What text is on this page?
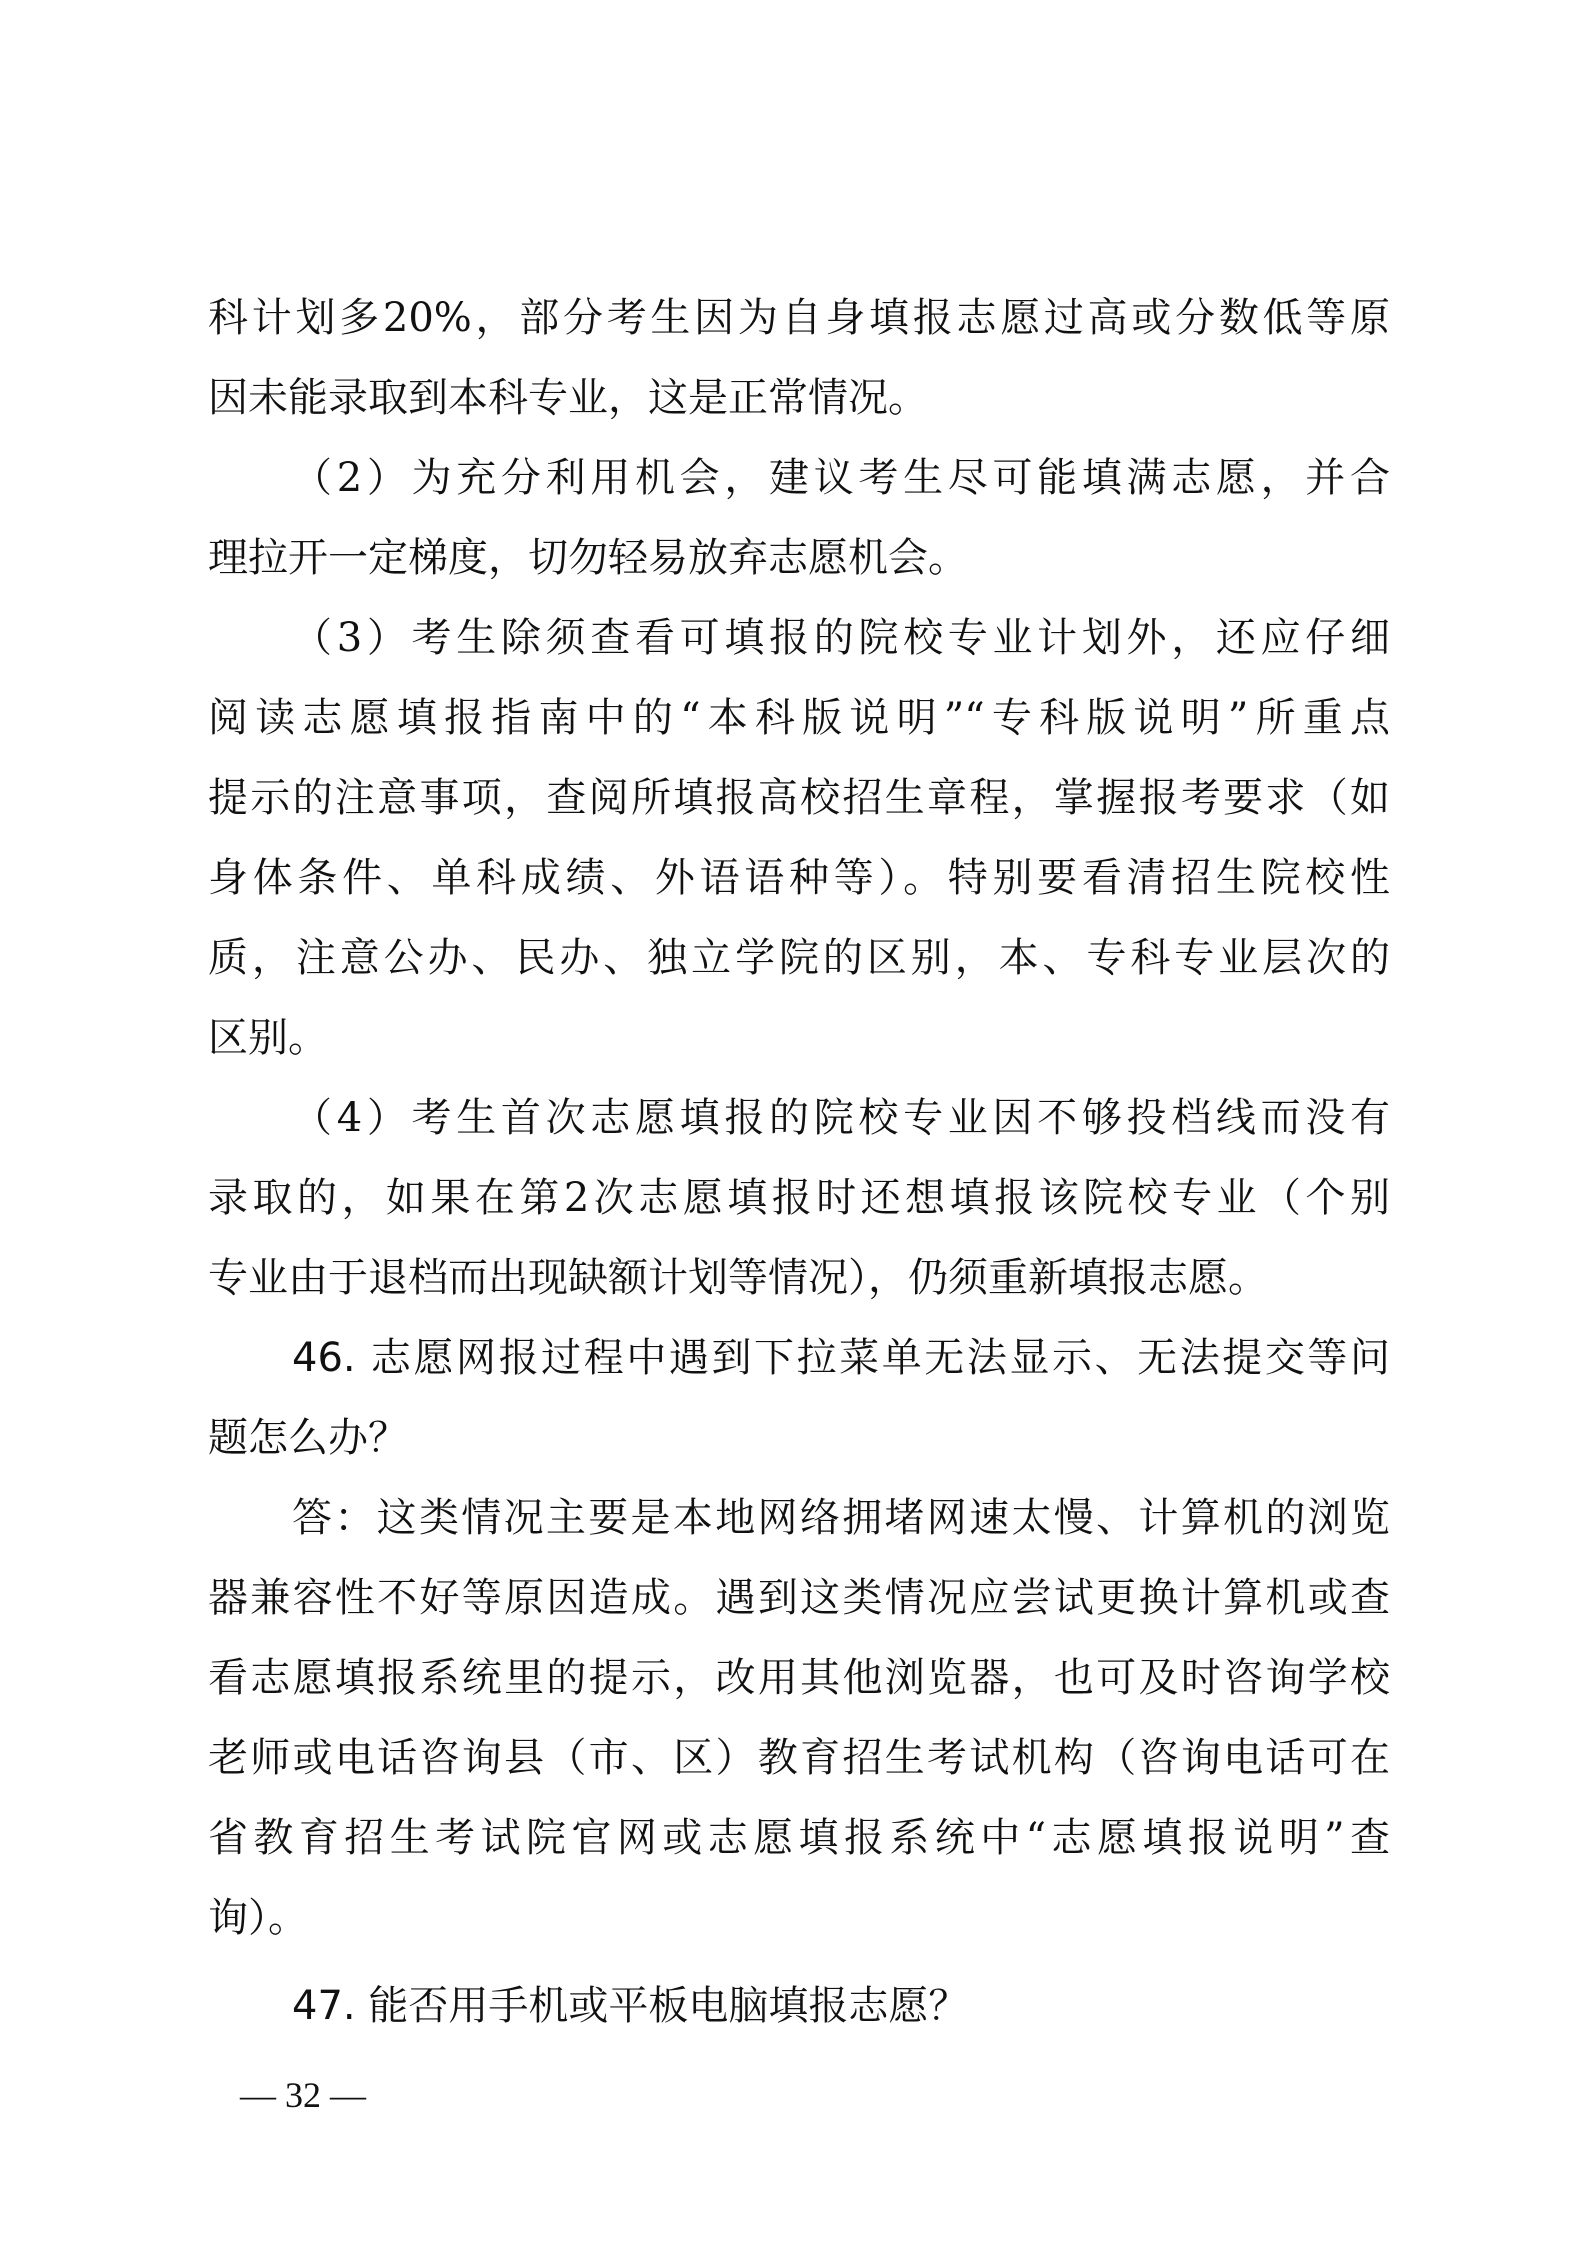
科计划多20%，部分考生因为自身填报志愿过高或分数低等原
因未能录取到本科专业，这是正常情况。
（2）为充分利用机会，建议考生尽可能填满志愿，并合
理拉开一定梯度，切勿轻易放弃志愿机会。
（3）考生除须查看可填报的院校专业计划外，还应仔细
阅读志愿填报指南中的“本科版说明”“专科版说明”所重点
提示的注意事项，查阅所填报高校招生章程，掌握报考要求（如
身体条件、单科成绩、外语语种等）。特别要看清招生院校性
质，注意公办、民办、独立学院的区别，本、专科专业层次的
区别。
（4）考生首次志愿填报的院校专业因不够投档线而没有
录取的，如果在第2次志愿填报时还想填报该院校专业（个别
专业由于退档而出现缺额计划等情况），仍须重新填报志愿。
46. 志愿网报过程中遇到下拉菜单无法显示、无法提交等问
题怎么办？
答：这类情况主要是本地网络拥堵网速太慢、计算机的浏览
器兼容性不好等原因造成。遇到这类情况应尝试更换计算机或查
看志愿填报系统里的提示，改用其他浏览器，也可及时咨询学校
老师或电话咨询县（市、区）教育招生考试机构（咨询电话可在
省教育招生考试院官网或志愿填报系统中“志愿填报说明”查
询）。
47. 能否用手机或平板电脑填报志愿？
— 32 —
